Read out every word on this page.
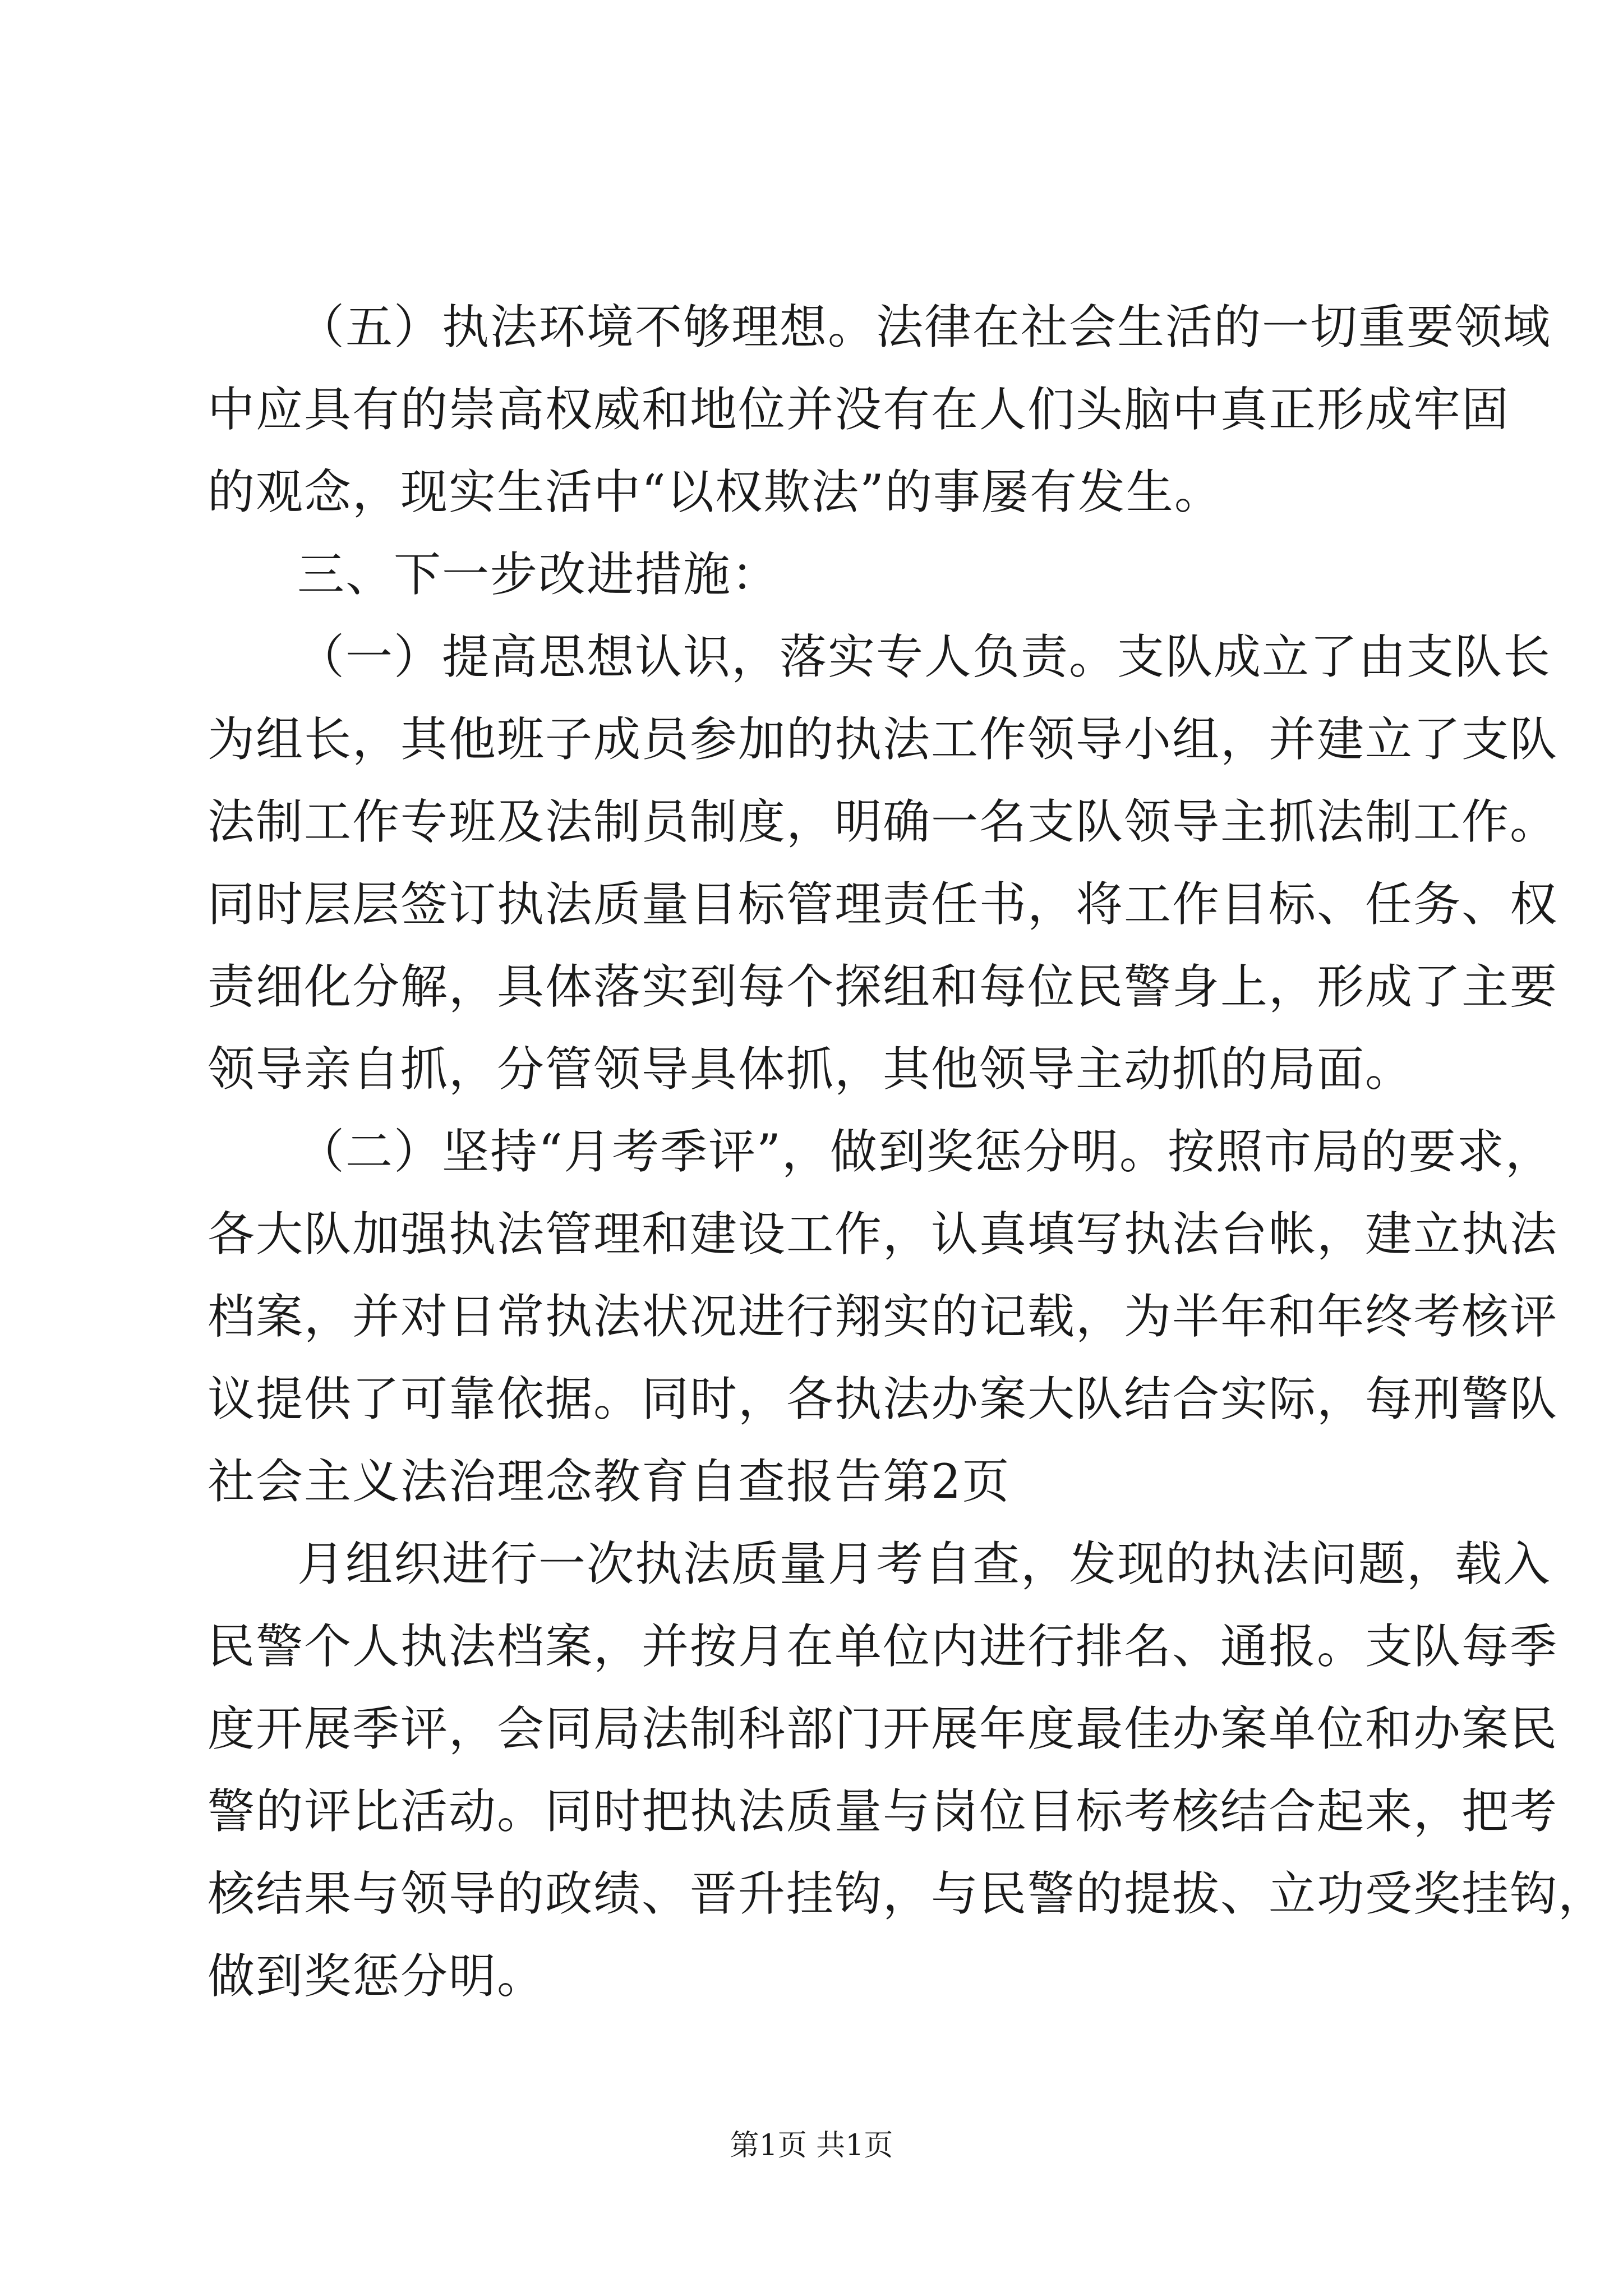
（五）执法环境不够理想。法律在社会生活的一切重要领域

中应具有的崇高权威和地位并没有在人们头脑中真正形成牢固

的观念，现实生活中“以权欺法”的事屡有发生。

三、下一步改进措施：

（一）提高思想认识，落实专人负责。支队成立了由支队长

为组长，其他班子成员参加的执法工作领导小组，并建立了支队

法制工作专班及法制员制度，明确一名支队领导主抓法制工作。

同时层层签订执法质量目标管理责任书，将工作目标、任务、权

责细化分解，具体落实到每个探组和每位民警身上，形成了主要

领导亲自抓，分管领导具体抓，其他领导主动抓的局面。

（二）坚持“月考季评”，做到奖惩分明。按照市局的要求，

各大队加强执法管理和建设工作，认真填写执法台帐，建立执法

档案，并对日常执法状况进行翔实的记载，为半年和年终考核评

议提供了可靠依据。同时，各执法办案大队结合实际，每刑警队

社会主义法治理念教育自查报告第2页

月组织进行一次执法质量月考自查，发现的执法问题，载入

民警个人执法档案，并按月在单位内进行排名、通报。支队每季

度开展季评，会同局法制科部门开展年度最佳办案单位和办案民

警的评比活动。同时把执法质量与岗位目标考核结合起来，把考

核结果与领导的政绩、晋升挂钩，与民警的提拔、立功受奖挂钩，

做到奖惩分明。

第1页 共1页
